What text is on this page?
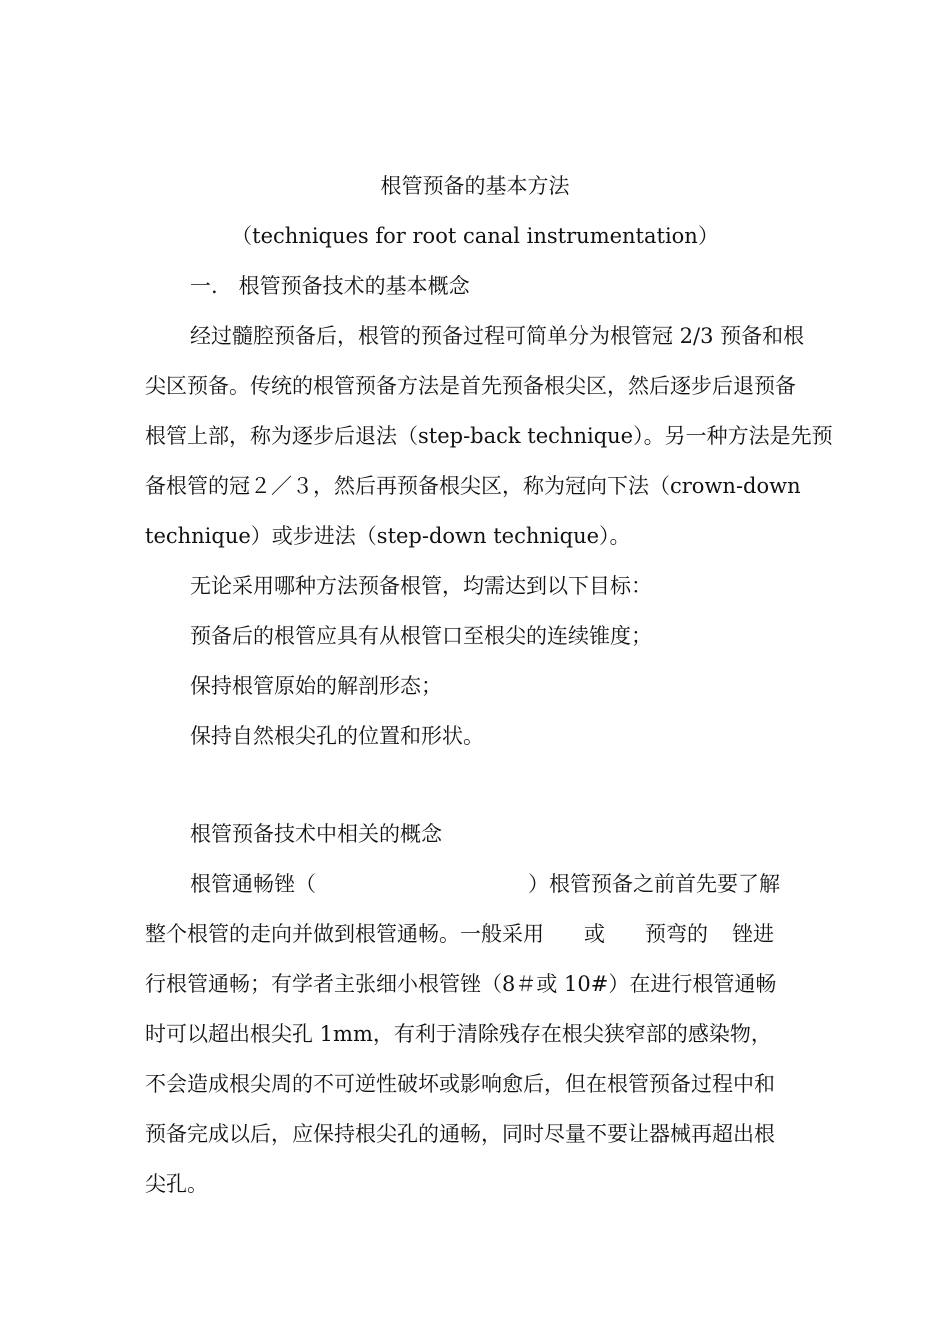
根管预备的基本方法

（techniques for root canal instrumentation）

一.　根管预备技术的基本概念

经过髓腔预备后，根管的预备过程可简单分为根管冠 2/3 预备和根

尖区预备。传统的根管预备方法是首先预备根尖区，然后逐步后退预备

根管上部，称为逐步后退法（step-back technique）。另一种方法是先预

备根管的冠２／３，然后再预备根尖区，称为冠向下法（crown-down

technique）或步进法（step-down technique）。

无论采用哪种方法预备根管，均需达到以下目标：

预备后的根管应具有从根管口至根尖的连续锥度；

保持根管原始的解剖形态；

保持自然根尖孔的位置和形状。

根管预备技术中相关的概念

根管通畅锉（	）根管预备之前首先要了解

整个根管的走向并做到根管通畅。一般采用 或 预弯的 锉进

行根管通畅；有学者主张细小根管锉（8＃或 10#）在进行根管通畅

时可以超出根尖孔 1mm，有利于清除残存在根尖狭窄部的感染物，

不会造成根尖周的不可逆性破坏或影响愈后，但在根管预备过程中和

预备完成以后，应保持根尖孔的通畅，同时尽量不要让器械再超出根

尖孔。
